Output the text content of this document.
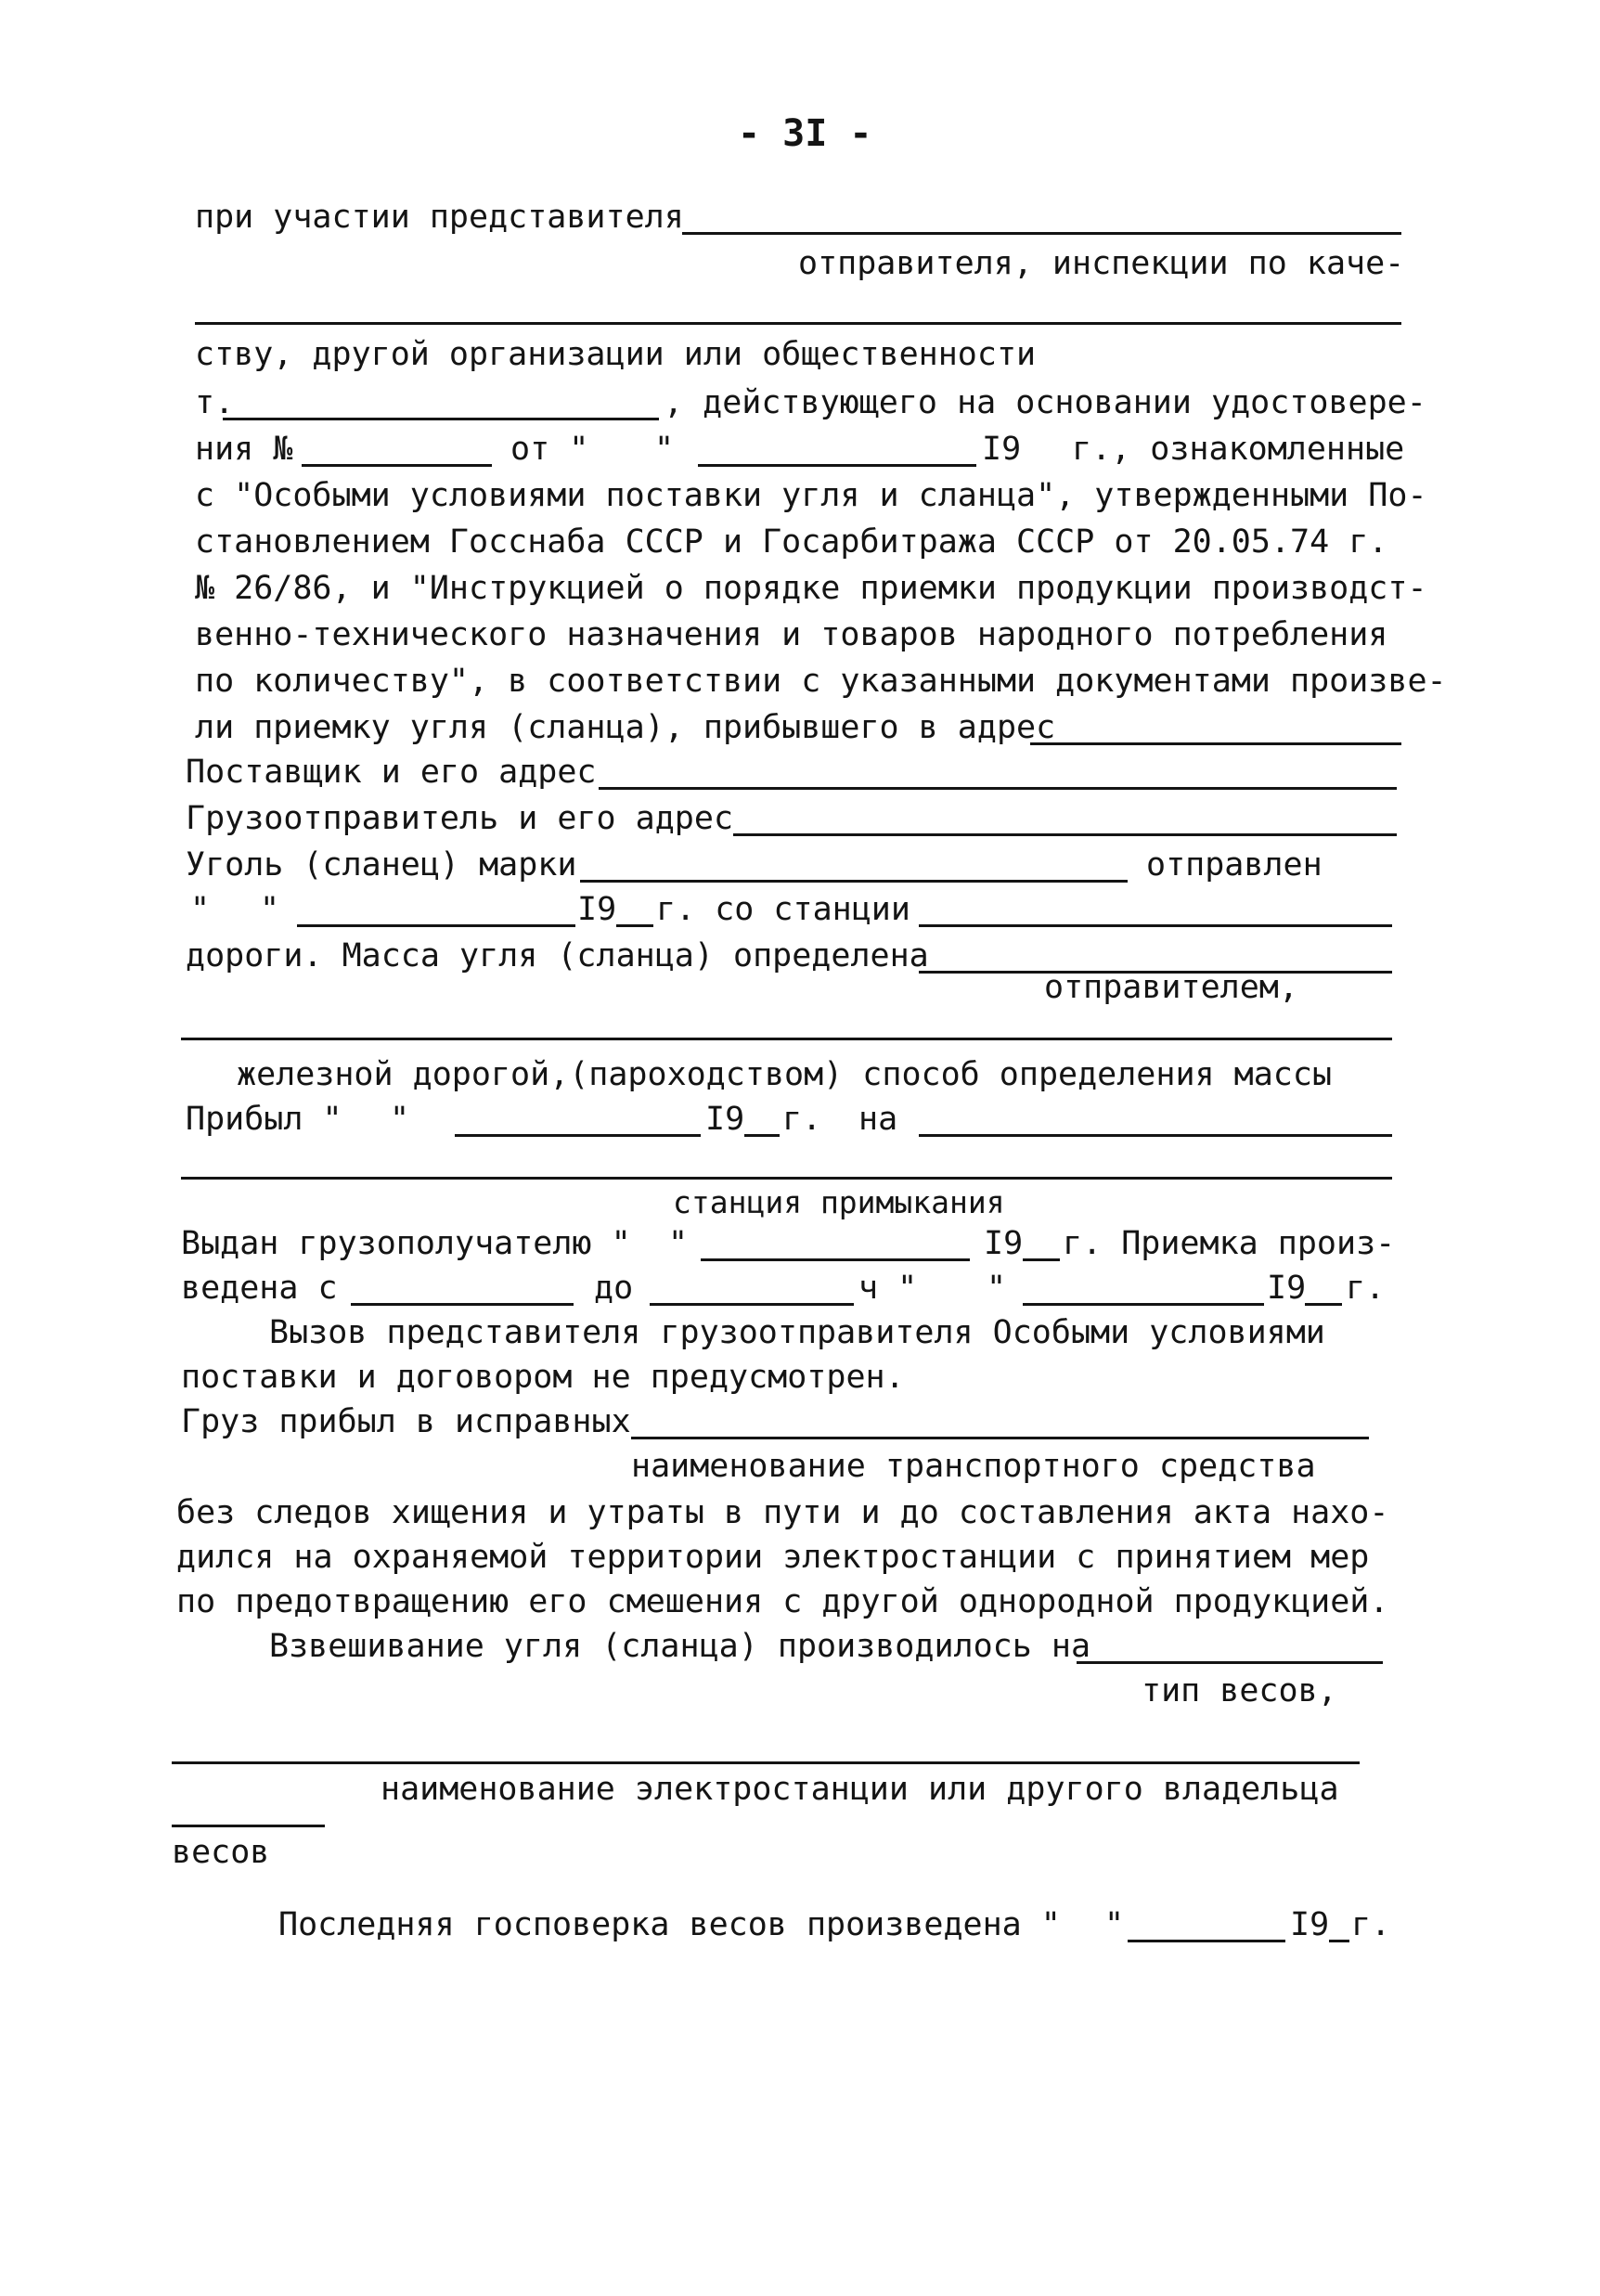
- 3I -
при участии представителя
отправителя, инспекции по каче-
ству, другой организации или общественности
т.	, действующего на основании удостовере-
ния №	от " "	I9 г., ознакомленные
с "Особыми условиями поставки угля и сланца", утвержденными По-
становлением Госснаба СССР и Госарбитража СССР от 20.05.74 г.
№ 26/86, и "Инструкцией о порядке приемки продукции производст-
венно-технического назначения и товаров народного потребления
по количеству", в соответствии с указанными документами произве-
ли приемку угля (сланца), прибывшего в адрес
Поставщик и его адрес
Грузоотправитель и его адрес
Уголь (сланец) марки	отправлен
" "	I9 г. со станции
дороги. Масса угля (сланца) определена
отправителем,
железной дорогой,(пароходством) способ определения массы
Прибыл " "	I9 г. на
станция примыкания
Выдан грузополучателю " "	I9 г. Приемка произ-
ведена с	до	ч " "	I9 г.
Вызов представителя грузоотправителя Особыми условиями
поставки и договором не предусмотрен.
Груз прибыл в исправных
наименование транспортного средства
без следов хищения и утраты в пути и до составления акта нахо-
дился на охраняемой территории электростанции с принятием мер
по предотвращению его смешения с другой однородной продукцией.
Взвешивание угля (сланца) производилось на
тип весов,
наименование электростанции или другого владельца
весов
Последняя госповерка весов произведена " "	I9 г.
